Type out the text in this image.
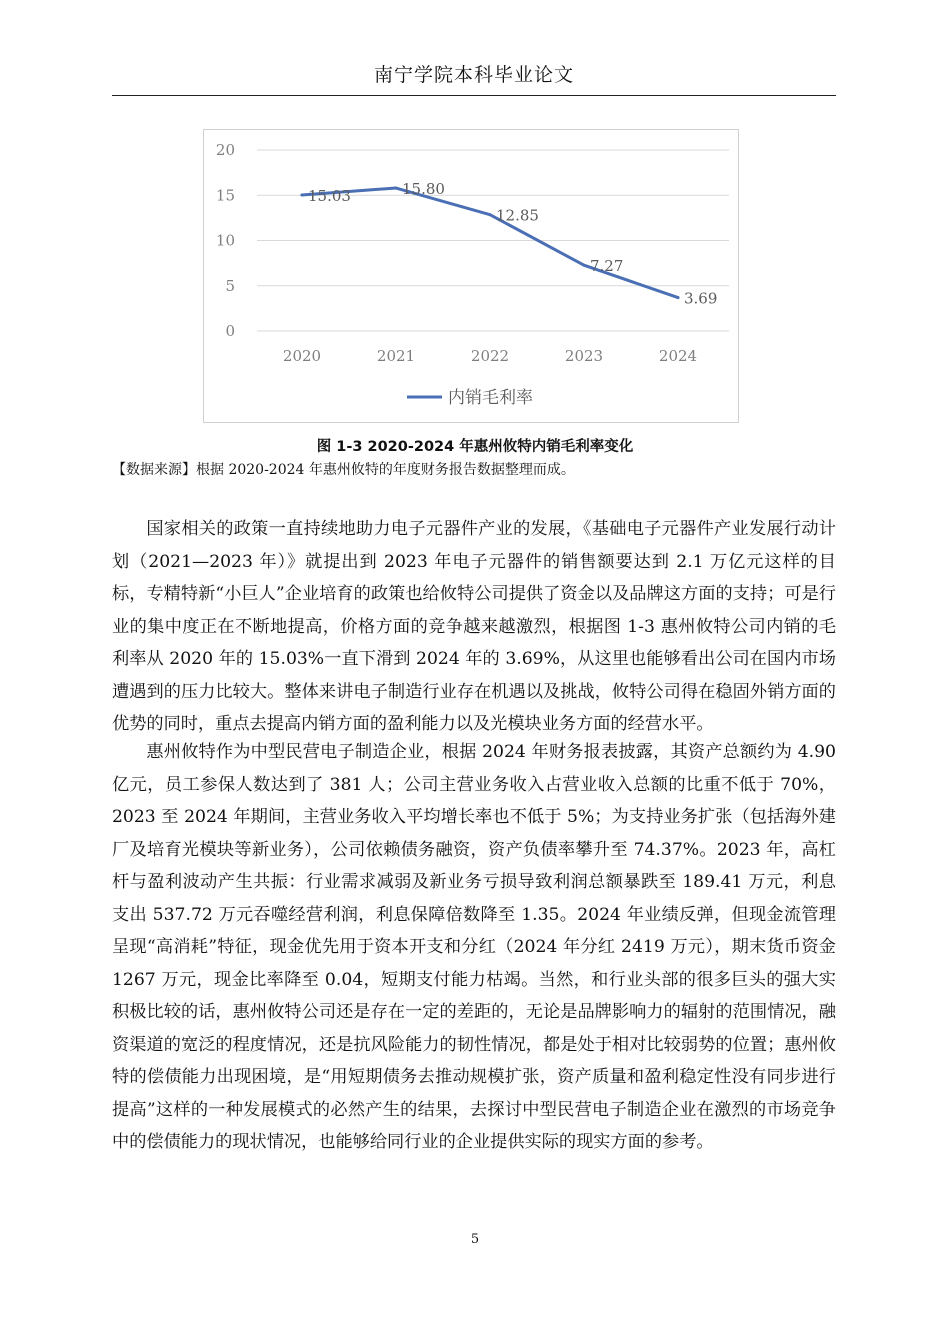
南宁学院本科毕业论文
0
5
10
15
20
2020	2021	2022	2023	2024
15.03	15.80
12.85
7.27
3.69
内销毛利率
图 1-3 2020-2024 年惠州攸特内销毛利率变化
【数据来源】根据 2020-2024 年惠州攸特的年度财务报告数据整理而成。

国家相关的政策一直持续地助力电子元器件产业的发展，《基础电子元器件产业发展行动计划（2021—2023 年）》就提出到 2023 年电子元器件的销售额要达到 2.1 万亿元这样的目标，专精特新“小巨人”企业培育的政策也给攸特公司提供了资金以及品牌这方面的支持；可是行业的集中度正在不断地提高，价格方面的竞争越来越激烈，根据图 1-3 惠州攸特公司内销的毛利率从 2020 年的 15.03%一直下滑到 2024 年的 3.69%，从这里也能够看出公司在国内市场遭遇到的压力比较大。整体来讲电子制造行业存在机遇以及挑战，攸特公司得在稳固外销方面的优势的同时，重点去提高内销方面的盈利能力以及光模块业务方面的经营水平。

惠州攸特作为中型民营电子制造企业，根据 2024 年财务报表披露，其资产总额约为 4.90 亿元，员工参保人数达到了 381 人；公司主营业务收入占营业收入总额的比重不低于 70%，2023 至 2024 年期间，主营业务收入平均增长率也不低于 5%；为支持业务扩张（包括海外建厂及培育光模块等新业务），公司依赖债务融资，资产负债率攀升至 74.37%。2023 年，高杠杆与盈利波动产生共振：行业需求减弱及新业务亏损导致利润总额暴跌至 189.41 万元，利息支出 537.72 万元吞噬经营利润，利息保障倍数降至 1.35。2024 年业绩反弹，但现金流管理呈现“高消耗”特征，现金优先用于资本开支和分红（2024 年分红 2419 万元），期末货币资金 1267 万元，现金比率降至 0.04，短期支付能力枯竭。当然，和行业头部的很多巨头的强大实积极比较的话，惠州攸特公司还是存在一定的差距的，无论是品牌影响力的辐射的范围情况，融资渠道的宽泛的程度情况，还是抗风险能力的韧性情况，都是处于相对比较弱势的位置；惠州攸特的偿债能力出现困境，是“用短期债务去推动规模扩张，资产质量和盈利稳定性没有同步进行提高”这样的一种发展模式的必然产生的结果，去探讨中型民营电子制造企业在激烈的市场竞争中的偿债能力的现状情况，也能够给同行业的企业提供实际的现实方面的参考。

5
